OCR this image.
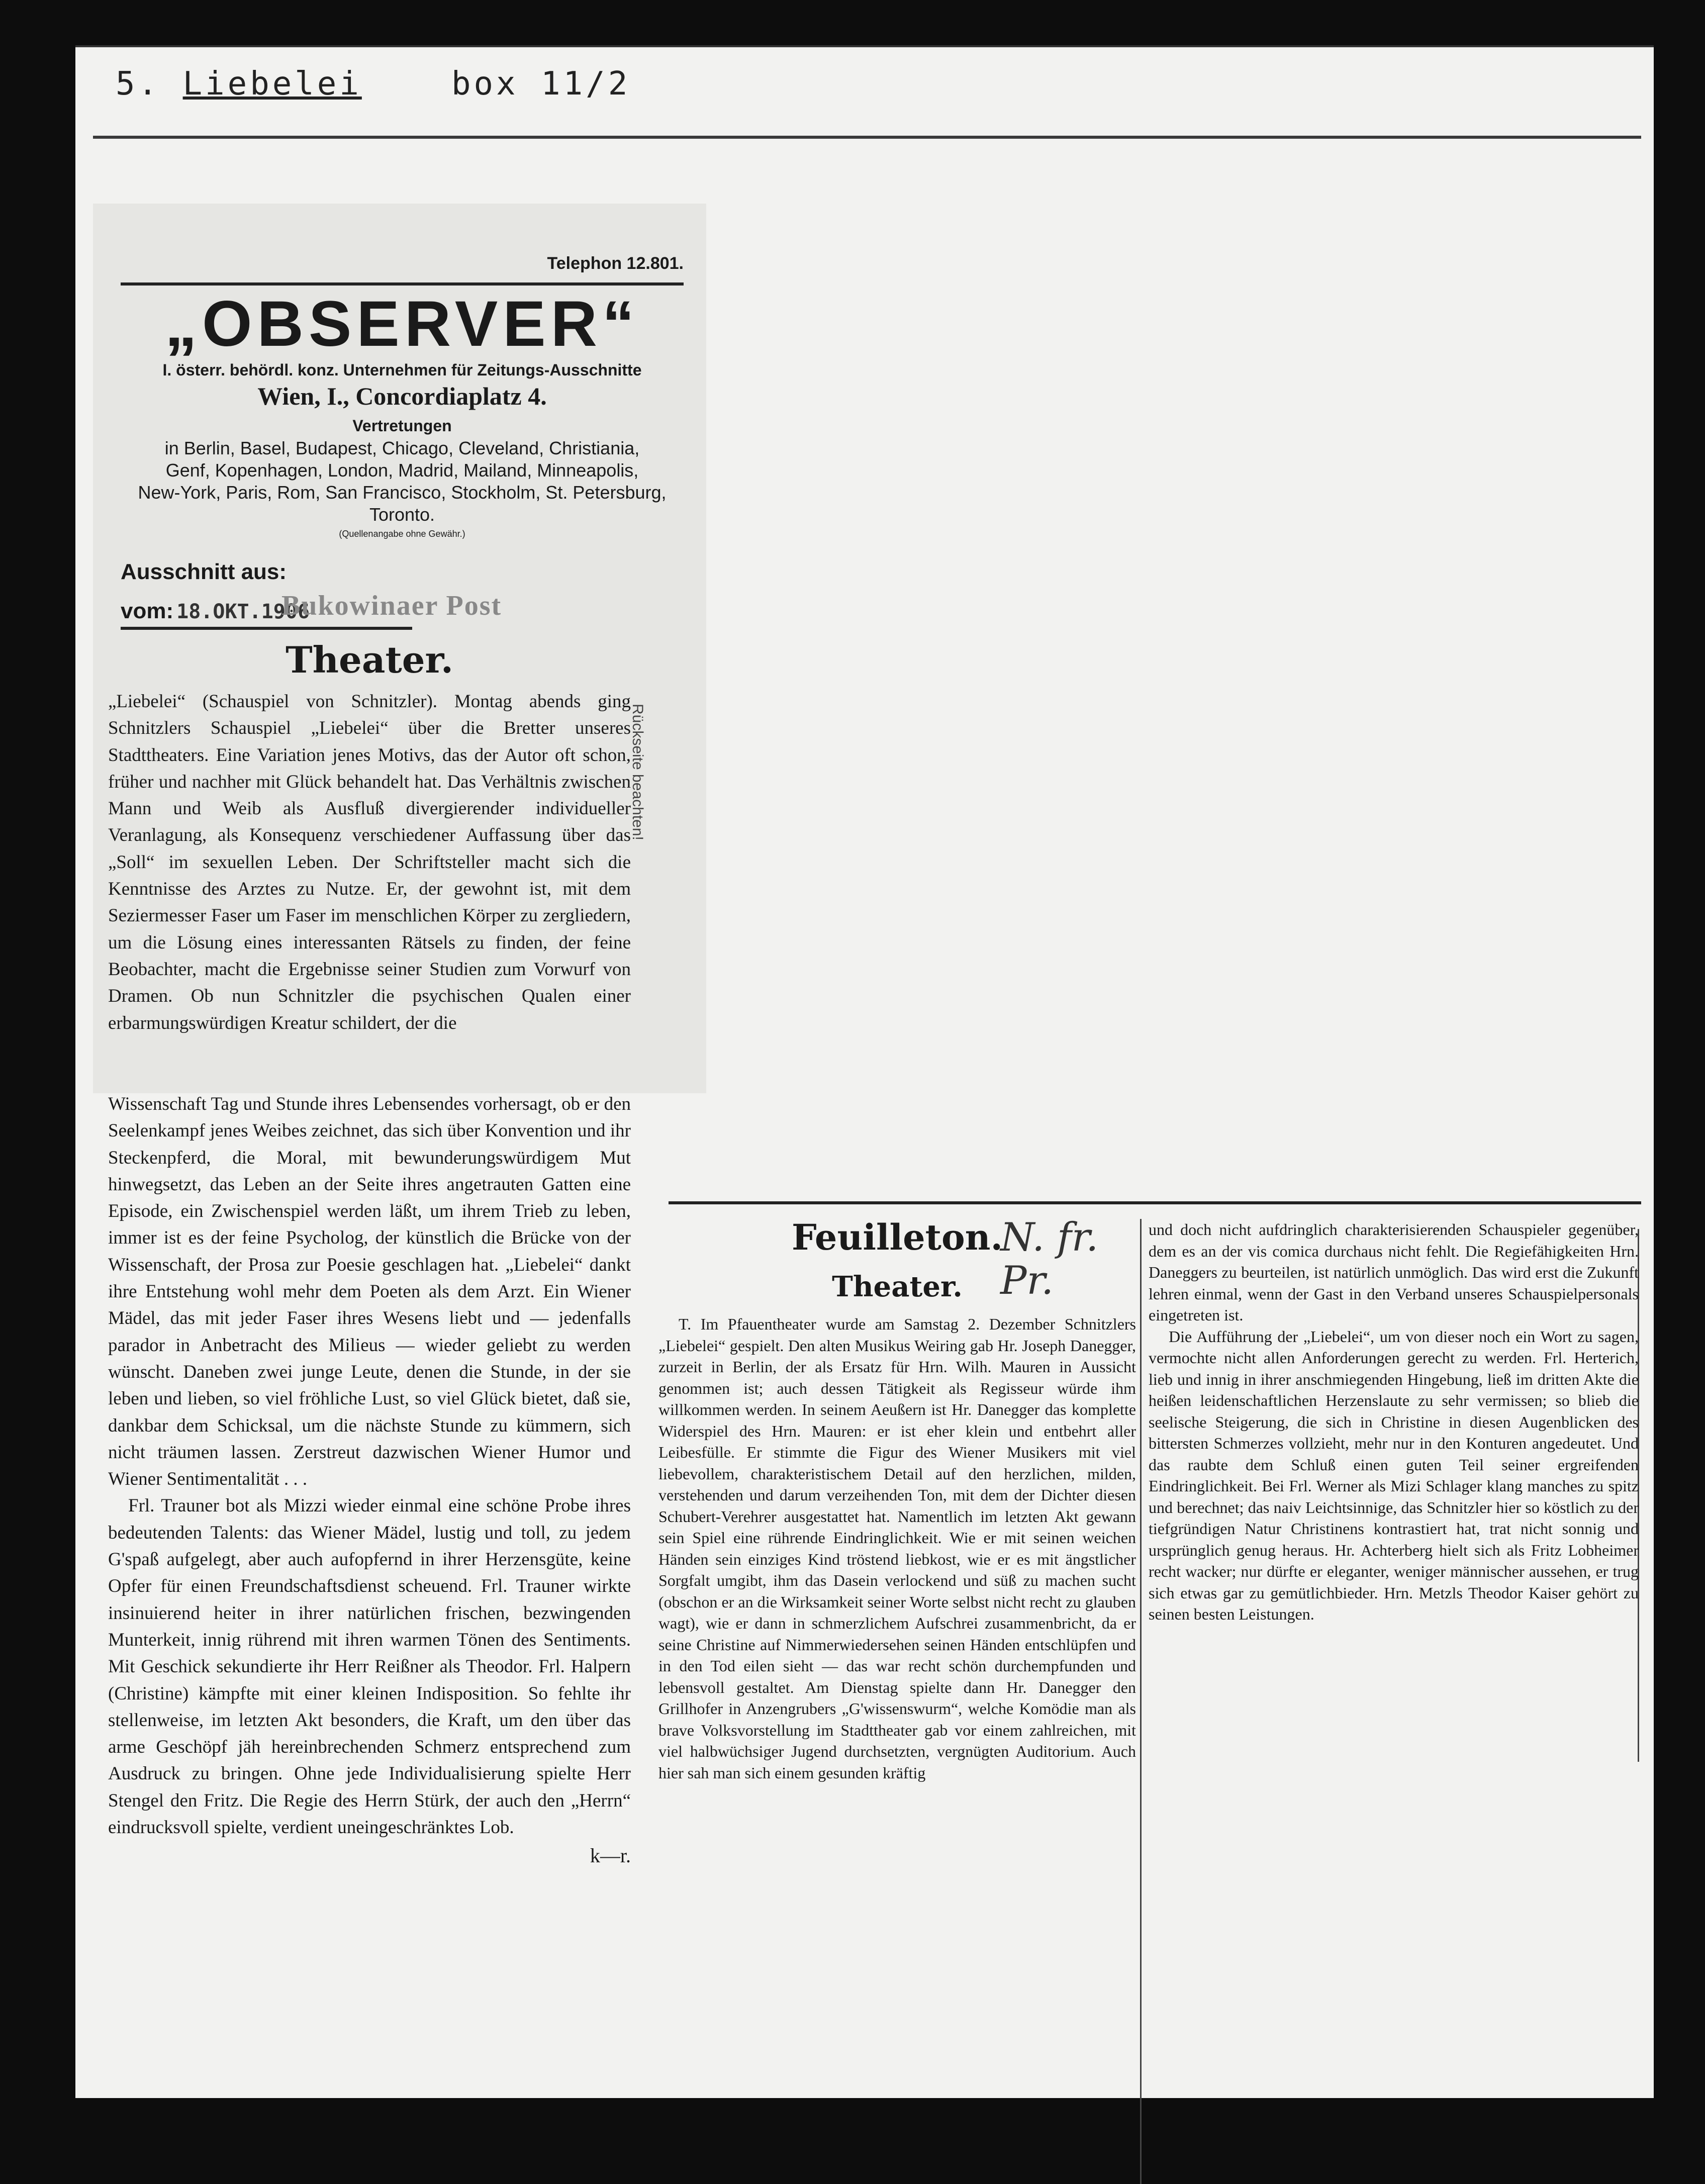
5. Liebelei	box 11/2
Telephon 12.801.
„OBSERVER“
I. österr. behördl. konz. Unternehmen für Zeitungs-Ausschnitte
Wien, I., Concordiaplatz 4.
Vertretungen
in Berlin, Basel, Budapest, Chicago, Cleveland, Christiania,
Genf, Kopenhagen, London, Madrid, Mailand, Minneapolis,
New-York, Paris, Rom, San Francisco, Stockholm, St. Petersburg, Toronto.
(Quellenangabe ohne Gewähr.)
Ausschnitt aus:
vom: 18.OKT.1906
Bukowinaer Post
Rückseite beachten!
Theater.
„Liebelei“ (Schauspiel von Schnitzler). Montag abends ging Schnitzlers Schauspiel „Liebelei“ über die Bretter unseres Stadttheaters. Eine Variation jenes Motivs, das der Autor oft schon, früher und nachher mit Glück behandelt hat. Das Verhältnis zwischen Mann und Weib als Ausfluß divergierender individueller Veranlagung, als Konsequenz verschiedener Auffassung über das „Soll“ im sexuellen Leben. Der Schriftsteller macht sich die Kenntnisse des Arztes zu Nutze. Er, der gewohnt ist, mit dem Seziermesser Faser um Faser im menschlichen Körper zu zergliedern, um die Lösung eines interessanten Rätsels zu finden, der feine Beobachter, macht die Ergebnisse seiner Studien zum Vorwurf von Dramen. Ob nun Schnitzler die psychischen Qualen einer erbarmungswürdigen Kreatur schildert, der die
Wissenschaft Tag und Stunde ihres Lebensendes vorhersagt, ob er den Seelenkampf jenes Weibes zeichnet, das sich über Konvention und ihr Steckenpferd, die Moral, mit bewunderungswürdigem Mut hinwegsetzt, das Leben an der Seite ihres angetrauten Gatten eine Episode, ein Zwischenspiel werden läßt, um ihrem Trieb zu leben, immer ist es der feine Psycholog, der künstlich die Brücke von der Wissenschaft, der Prosa zur Poesie geschlagen hat. „Liebelei“ dankt ihre Entstehung wohl mehr dem Poeten als dem Arzt. Ein Wiener Mädel, das mit jeder Faser ihres Wesens liebt und — jedenfalls parador in Anbetracht des Milieus — wieder geliebt zu werden wünscht. Daneben zwei junge Leute, denen die Stunde, in der sie leben und lieben, so viel fröhliche Lust, so viel Glück bietet, daß sie, dankbar dem Schicksal, um die nächste Stunde zu kümmern, sich nicht träumen lassen. Zerstreut dazwischen Wiener Humor und Wiener Sentimentalität . . .
Frl. Trauner bot als Mizzi wieder einmal eine schöne Probe ihres bedeutenden Talents: das Wiener Mädel, lustig und toll, zu jedem G'spaß aufgelegt, aber auch aufopfernd in ihrer Herzensgüte, keine Opfer für einen Freundschaftsdienst scheuend. Frl. Trauner wirkte insinuierend heiter in ihrer natürlichen frischen, bezwingenden Munterkeit, innig rührend mit ihren warmen Tönen des Sentiments. Mit Geschick sekundierte ihr Herr Reißner als Theodor. Frl. Halpern (Christine) kämpfte mit einer kleinen Indisposition. So fehlte ihr stellenweise, im letzten Akt besonders, die Kraft, um den über das arme Geschöpf jäh hereinbrechenden Schmerz entsprechend zum Ausdruck zu bringen. Ohne jede Individualisierung spielte Herr Stengel den Fritz. Die Regie des Herrn Stürk, der auch den „Herrn“ eindrucksvoll spielte, verdient uneingeschränktes Lob.
k—r.
Feuilleton.
Theater.
T. Im Pfauentheater wurde am Samstag 2. Dezember Schnitzlers „Liebelei“ gespielt. Den alten Musikus Weiring gab Hr. Joseph Danegger, zurzeit in Berlin, der als Ersatz für Hrn. Wilh. Mauren in Aussicht genommen ist; auch dessen Tätigkeit als Regisseur würde ihm willkommen werden. In seinem Aeußern ist Hr. Danegger das komplette Widerspiel des Hrn. Mauren: er ist eher klein und entbehrt aller Leibesfülle. Er stimmte die Figur des Wiener Musikers mit viel liebevollem, charakteristischem Detail auf den herzlichen, milden, verstehenden und darum verzeihenden Ton, mit dem der Dichter diesen Schubert-Verehrer ausgestattet hat. Namentlich im letzten Akt gewann sein Spiel eine rührende Eindringlichkeit. Wie er mit seinen weichen Händen sein einziges Kind tröstend liebkost, wie er es mit ängstlicher Sorgfalt umgibt, ihm das Dasein verlockend und süß zu machen sucht (obschon er an die Wirksamkeit seiner Worte selbst nicht recht zu glauben wagt), wie er dann in schmerzlichem Aufschrei zusammenbricht, da er seine Christine auf Nimmerwiedersehen seinen Händen entschlüpfen und in den Tod eilen sieht — das war recht schön durchempfunden und lebensvoll gestaltet. Am Dienstag spielte dann Hr. Danegger den Grillhofer in Anzengrubers „G'wissenswurm“, welche Komödie man als brave Volksvorstellung im Stadttheater gab vor einem zahlreichen, mit viel halbwüchsiger Jugend durchsetzten, vergnügten Auditorium. Auch hier sah man sich einem gesunden kräftig
N. fr. Pr.
und doch nicht aufdringlich charakterisierenden Schauspieler gegenüber, dem es an der vis comica durchaus nicht fehlt. Die Regiefähigkeiten Hrn. Daneggers zu beurteilen, ist natürlich unmöglich. Das wird erst die Zukunft lehren einmal, wenn der Gast in den Verband unseres Schauspielpersonals eingetreten ist.
Die Aufführung der „Liebelei“, um von dieser noch ein Wort zu sagen, vermochte nicht allen Anforderungen gerecht zu werden. Frl. Herterich, lieb und innig in ihrer anschmiegenden Hingebung, ließ im dritten Akte die heißen leidenschaftlichen Herzenslaute zu sehr vermissen; so blieb die seelische Steigerung, die sich in Christine in diesen Augenblicken des bittersten Schmerzes vollzieht, mehr nur in den Konturen angedeutet. Und das raubte dem Schluß einen guten Teil seiner ergreifenden Eindringlichkeit. Bei Frl. Werner als Mizi Schlager klang manches zu spitz und berechnet; das naiv Leichtsinnige, das Schnitzler hier so köstlich zu der tiefgründigen Natur Christinens kontrastiert hat, trat nicht sonnig und ursprünglich genug heraus. Hr. Achterberg hielt sich als Fritz Lobheimer recht wacker; nur dürfte er eleganter, weniger männischer aussehen, er trug sich etwas gar zu gemütlichbieder. Hrn. Metzls Theodor Kaiser gehört zu seinen besten Leistungen.
